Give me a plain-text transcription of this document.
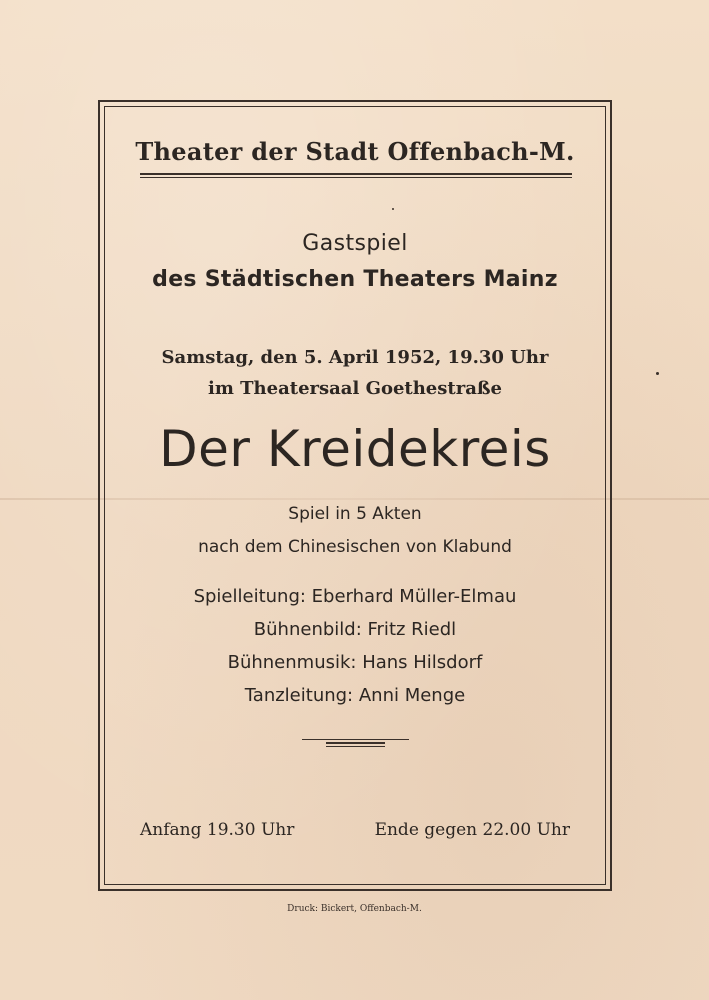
Theater der Stadt Offenbach-M.

Gastspiel

des Städtischen Theaters Mainz

Samstag, den 5. April 1952, 19.30 Uhr

im Theatersaal Goethestraße

Der Kreidekreis

Spiel in 5 Akten

nach dem Chinesischen von Klabund

Spielleitung: Eberhard Müller-Elmau

Bühnenbild: Fritz Riedl

Bühnenmusik: Hans Hilsdorf

Tanzleitung: Anni Menge

Anfang 19.30 Uhr	Ende gegen 22.00 Uhr

Druck: Bickert, Offenbach-M.
